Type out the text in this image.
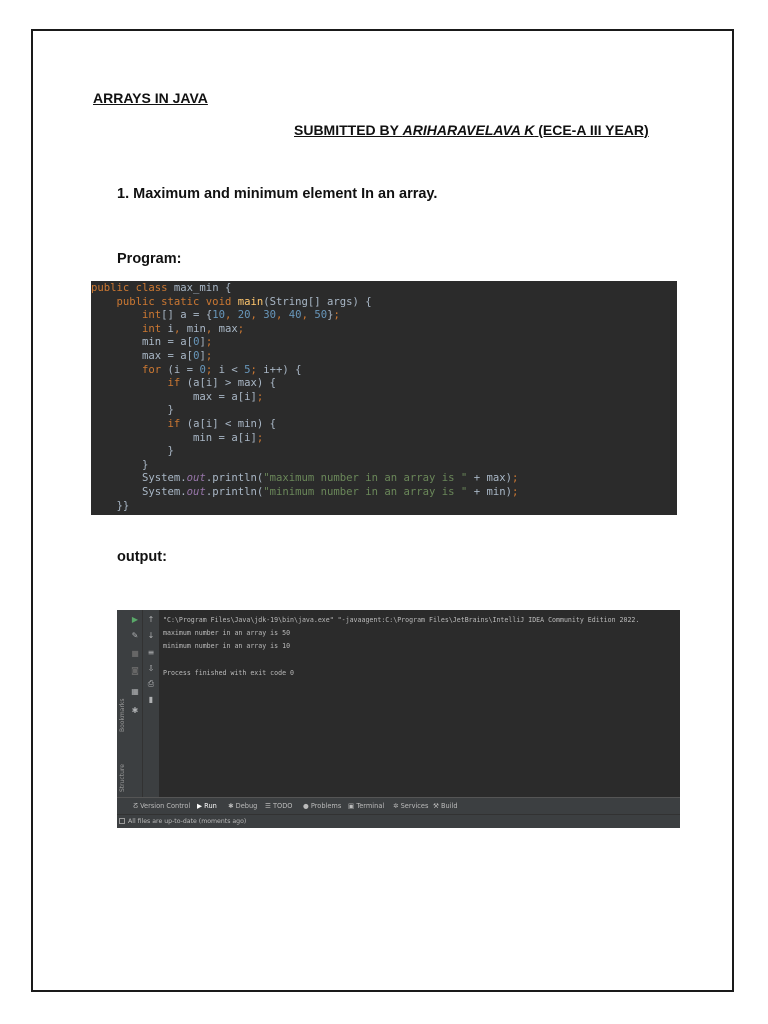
ARRAYS IN JAVA
SUBMITTED BY ARIHARAVELAVA K (ECE-A III YEAR)
1. Maximum and minimum element In an array.
Program:
public class max_min {
public static void main(String[] args) {
int[] a = {10, 20, 30, 40, 50};
int i, min, max;
min = a[0];
max = a[0];
for (i = 0; i < 5; i++) {
if (a[i] > max) {
max = a[i];
}
if (a[i] < min) {
min = a[i];
}
}
System.out.println("maximum number in an array is " + max);
System.out.println("minimum number in an array is " + min);
}}
output:
Bookmarks
Structure
▶ ↑
✎ ↓
■ ≡
◙ ⇩
⎙
▦
▮
✱
"C:\Program Files\Java\jdk-19\bin\java.exe" "-javaagent:C:\Program Files\JetBrains\IntelliJ IDEA Community Edition 2022.
maximum number in an array is 50
minimum number in an array is 10
Process finished with exit code 0
ⵒ Version Control ▶ Run ✱ Debug ☰ TODO ● Problems ▣ Terminal ✲ Services ⚒ Build
All files are up-to-date (moments ago)
